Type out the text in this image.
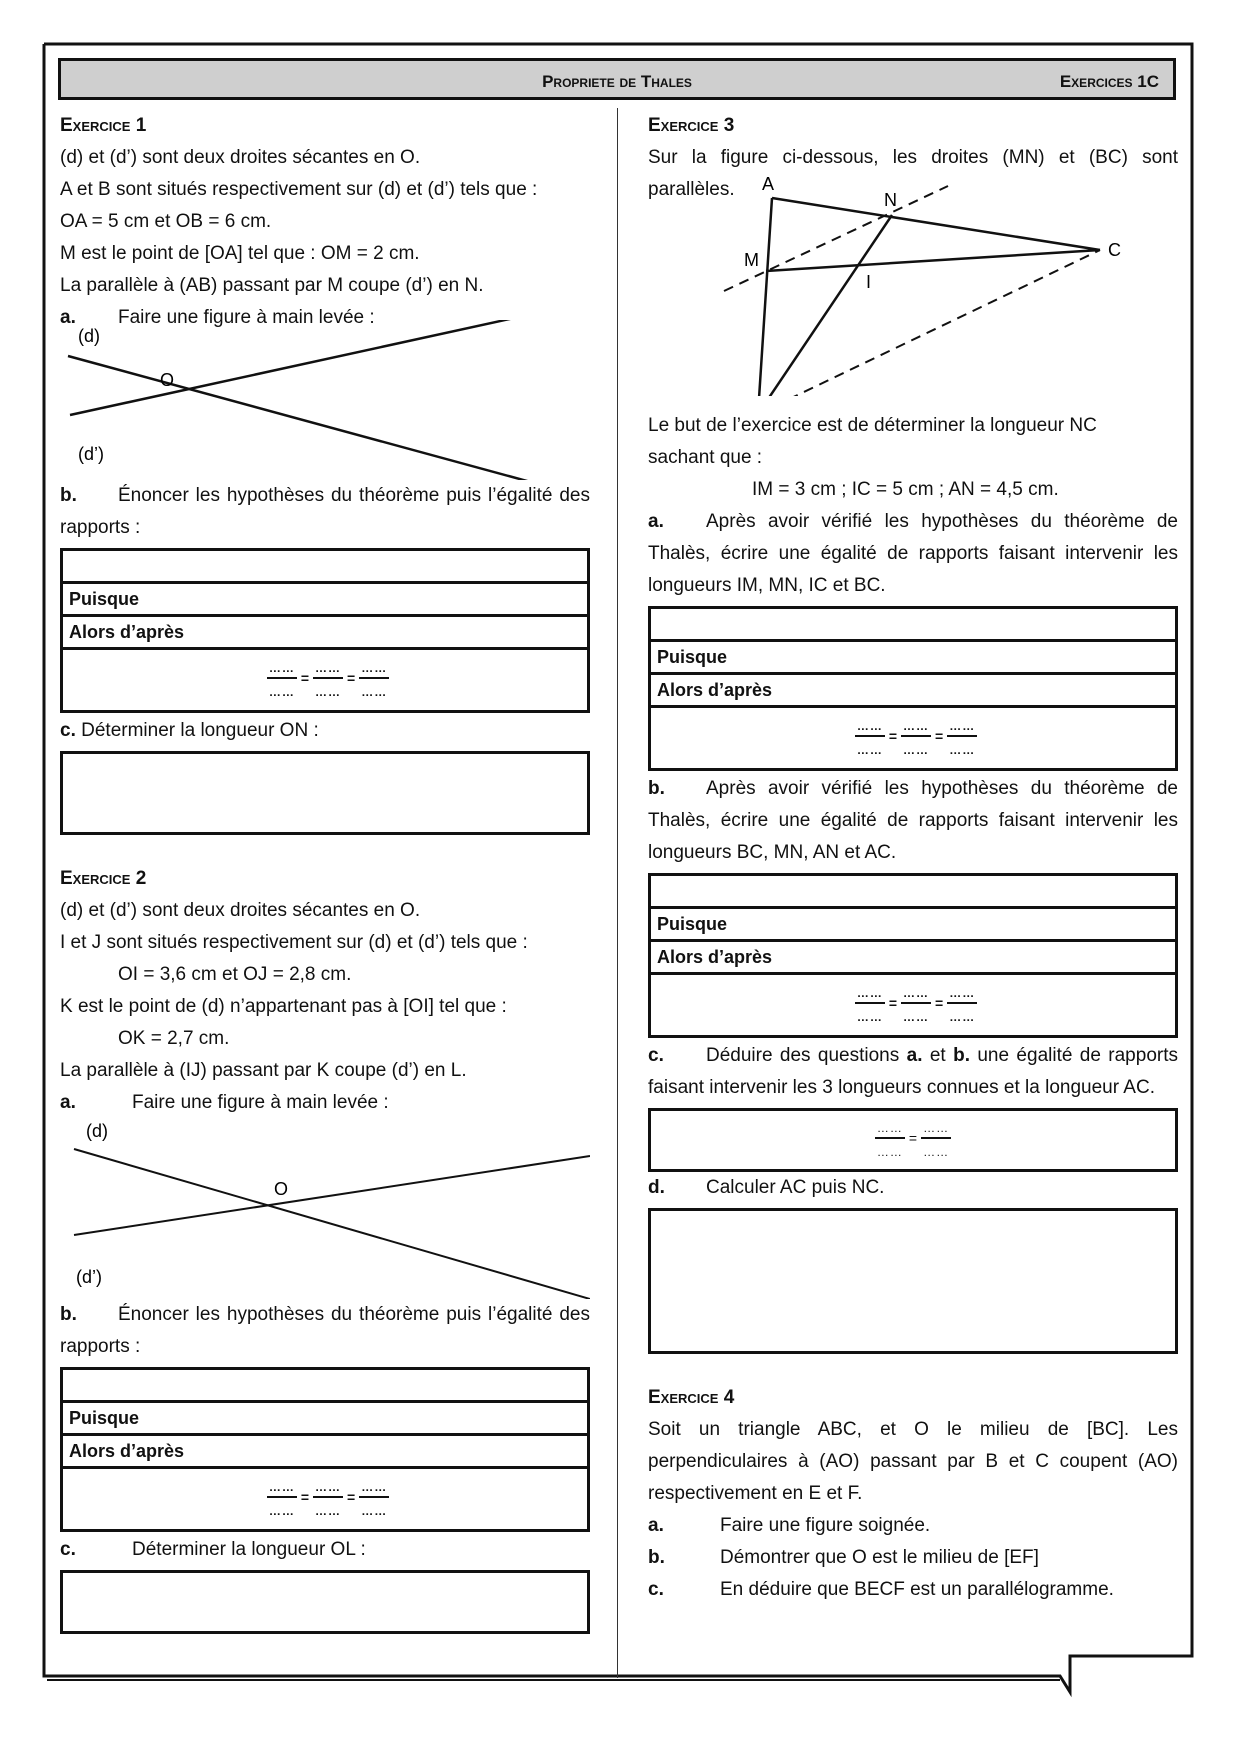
Propriete de Thales	Exercices 1C
Exercice 1

(d) et (d’) sont deux droites sécantes en O.

A et B sont situés respectivement sur (d) et (d’) tels que :

OA = 5 cm et OB = 6 cm.

M est le point de [OA] tel que : OM = 2 cm.

La parallèle à (AB) passant par M coupe (d’) en N.

a. Faire une figure à main levée :

(d)
O
(d’)

b. Énoncer les hypothèses du théorème puis l’égalité des rapports :

Puisque
Alors d’après
$\frac{\dots\dots}{\dots\dots} = \frac{\dots\dots}{\dots\dots} = \frac{\dots\dots}{\dots\dots}$

c. Déterminer la longueur ON :

Exercice 2

(d) et (d’) sont deux droites sécantes en O.

I et J sont situés respectivement sur (d) et (d’) tels que :

OI = 3,6 cm et OJ = 2,8 cm.

K est le point de (d) n’appartenant pas à [OI] tel que :

OK = 2,7 cm.

La parallèle à (IJ) passant par K coupe (d’) en L.

a.	Faire une figure à main levée :

(d)
O
(d’)

b. Énoncer les hypothèses du théorème puis l’égalité des rapports :

Puisque
Alors d’après
$\frac{\dots\dots}{\dots\dots} = \frac{\dots\dots}{\dots\dots} = \frac{\dots\dots}{\dots\dots}$

c.	Déterminer la longueur OL :

Exercice 3

Sur la figure ci-dessous, les droites (MN) et (BC) sont parallèles.	A
N
M
I
C

Le but de l’exercice est de déterminer la longueur NC sachant que :

IM = 3 cm ; IC = 5 cm ; AN = 4,5 cm.

a. Après avoir vérifié les hypothèses du théorème de Thalès, écrire une égalité de rapports faisant intervenir les longueurs IM, MN, IC et BC.

Puisque
Alors d’après
$\frac{\dots\dots}{\dots\dots} = \frac{\dots\dots}{\dots\dots} = \frac{\dots\dots}{\dots\dots}$

b. Après avoir vérifié les hypothèses du théorème de Thalès, écrire une égalité de rapports faisant intervenir les longueurs BC, MN, AN et AC.

Puisque
Alors d’après
$\frac{\dots\dots}{\dots\dots} = \frac{\dots\dots}{\dots\dots} = \frac{\dots\dots}{\dots\dots}$

c. Déduire des questions a. et b. une égalité de rapports faisant intervenir les 3 longueurs connues et la longueur AC.

$\frac{\dots\dots}{\dots\dots} = \frac{\dots\dots}{\dots\dots}$

d. Calculer AC puis NC.

Exercice 4

Soit un triangle ABC, et O le milieu de [BC]. Les perpendiculaires à (AO) passant par B et C coupent (AO) respectivement en E et F.

a.	Faire une figure soignée.

b.	Démontrer que O est le milieu de [EF]

c.	En déduire que BECF est un parallélogramme.
